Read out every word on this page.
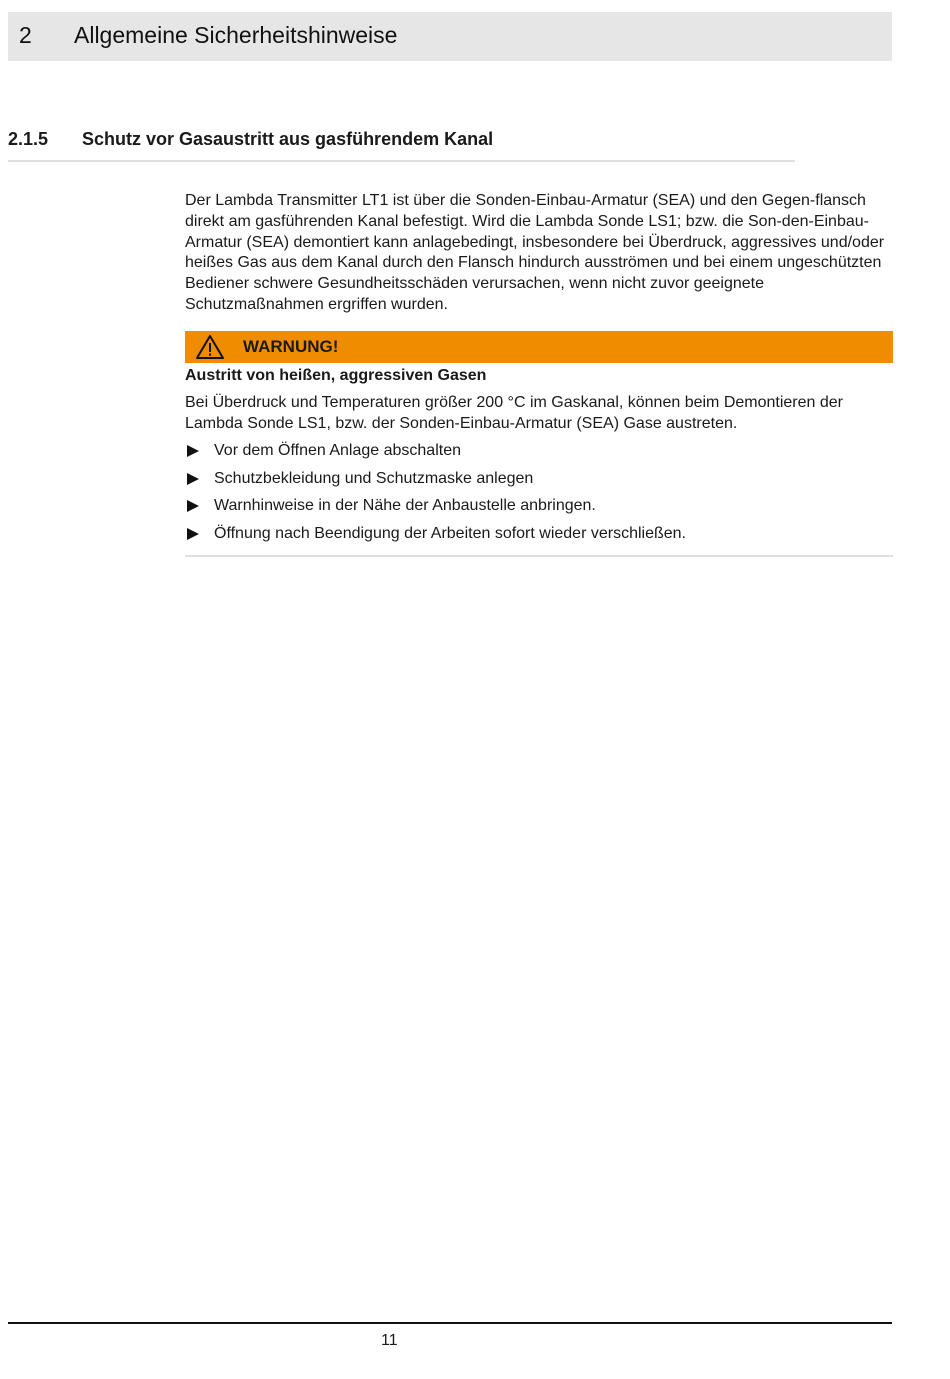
2 Allgemeine Sicherheitshinweise
2.1.5 Schutz vor Gasaustritt aus gasführendem Kanal

Der Lambda Transmitter LT1 ist über die Sonden-Einbau-Armatur (SEA) und den Gegen-flansch direkt am gasführenden Kanal befestigt. Wird die Lambda Sonde LS1; bzw. die Son-den-Einbau-Armatur (SEA) demontiert kann anlagebedingt, insbesondere bei Überdruck, aggressives und/oder heißes Gas aus dem Kanal durch den Flansch hindurch ausströmen und bei einem ungeschützten Bediener schwere Gesundheitsschäden verursachen, wenn nicht zuvor geeignete Schutzmaßnahmen ergriffen wurden.

WARNUNG!
Austritt von heißen, aggressiven Gasen

Bei Überdruck und Temperaturen größer 200 °C im Gaskanal, können beim Demontieren der Lambda Sonde LS1, bzw. der Sonden-Einbau-Armatur (SEA) Gase austreten.

Vor dem Öffnen Anlage abschalten
Schutzbekleidung und Schutzmaske anlegen
Warnhinweise in der Nähe der Anbaustelle anbringen.
Öffnung nach Beendigung der Arbeiten sofort wieder verschließen.
11
